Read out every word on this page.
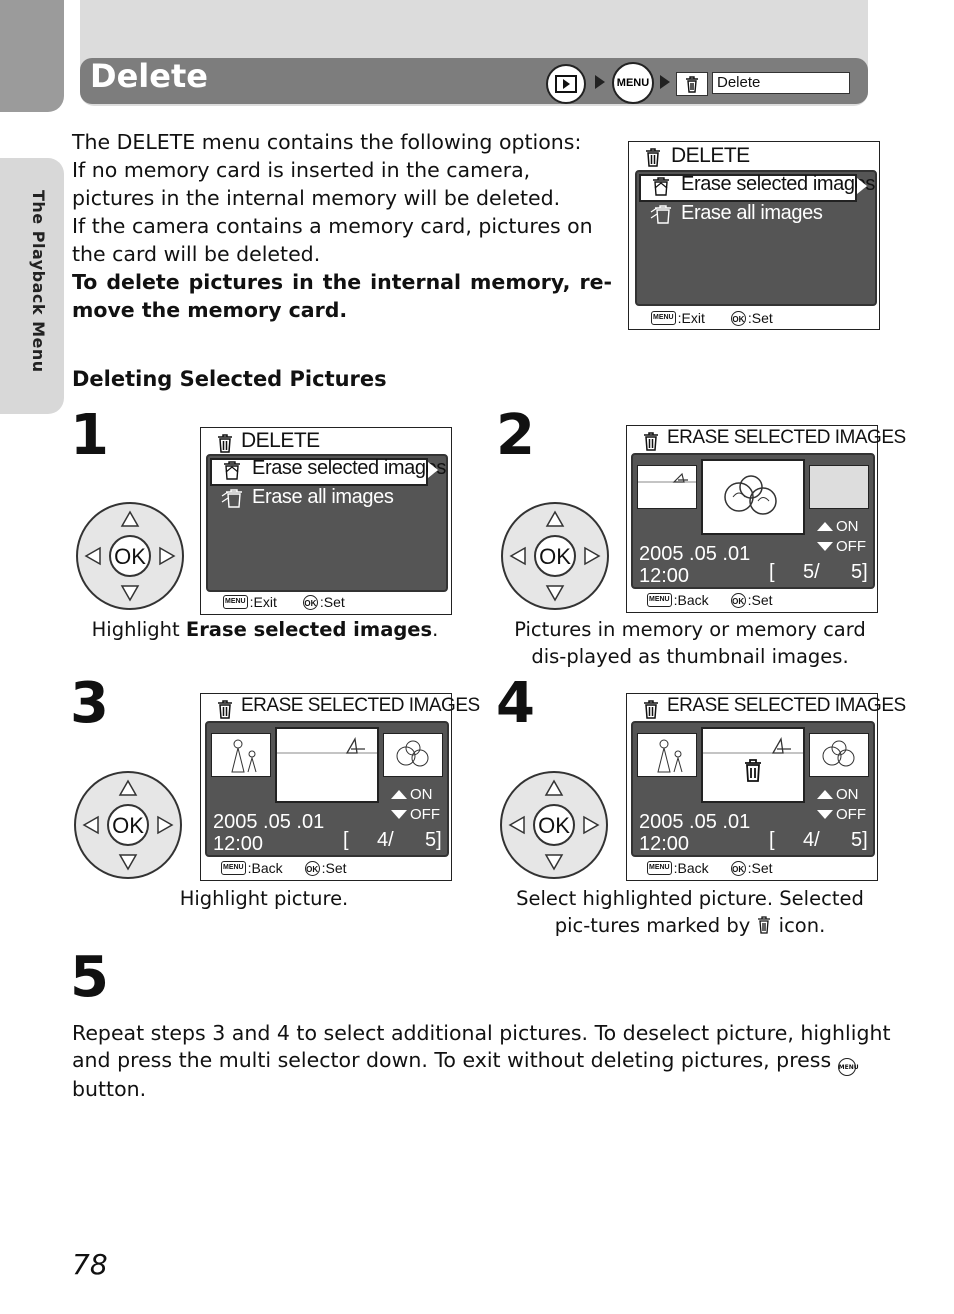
The Playback Menu
Delete	MENU	Delete

The DELETE menu contains the following options:

If no memory card is inserted in the camera, pictures in the internal memory will be deleted.

If the camera contains a memory card, pictures on the card will be deleted.

To delete pictures in the internal memory, re-move the memory card.

DELETE
Erase selected images
Erase all images
MENU :Exit	OK :Set
Deleting Selected Pictures
1
OK
DELETE
Erase selected images
Erase all images
MENU :Exit	OK :Set
Highlight Erase selected images.
2
OK
ERASE SELECTED IMAGES
ON
OFF
2005 .05 .01
12:00	[ 5/ 5]
MENU :Back	OK :Set
Pictures in memory or memory card dis-played as thumbnail images.
3
OK
ERASE SELECTED IMAGES
ON
OFF
2005 .05 .01
12:00	[ 4/ 5]
MENU :Back	OK :Set
Highlight picture.
4
OK
ERASE SELECTED IMAGES
ON
OFF
2005 .05 .01
12:00	[ 4/ 5]
MENU :Back	OK :Set
Select highlighted picture. Selected pic-tures marked by  icon.
5
Repeat steps 3 and 4 to select additional pictures. To deselect picture, highlight and press the multi selector down. To exit without deleting pictures, press MENU button.
78
